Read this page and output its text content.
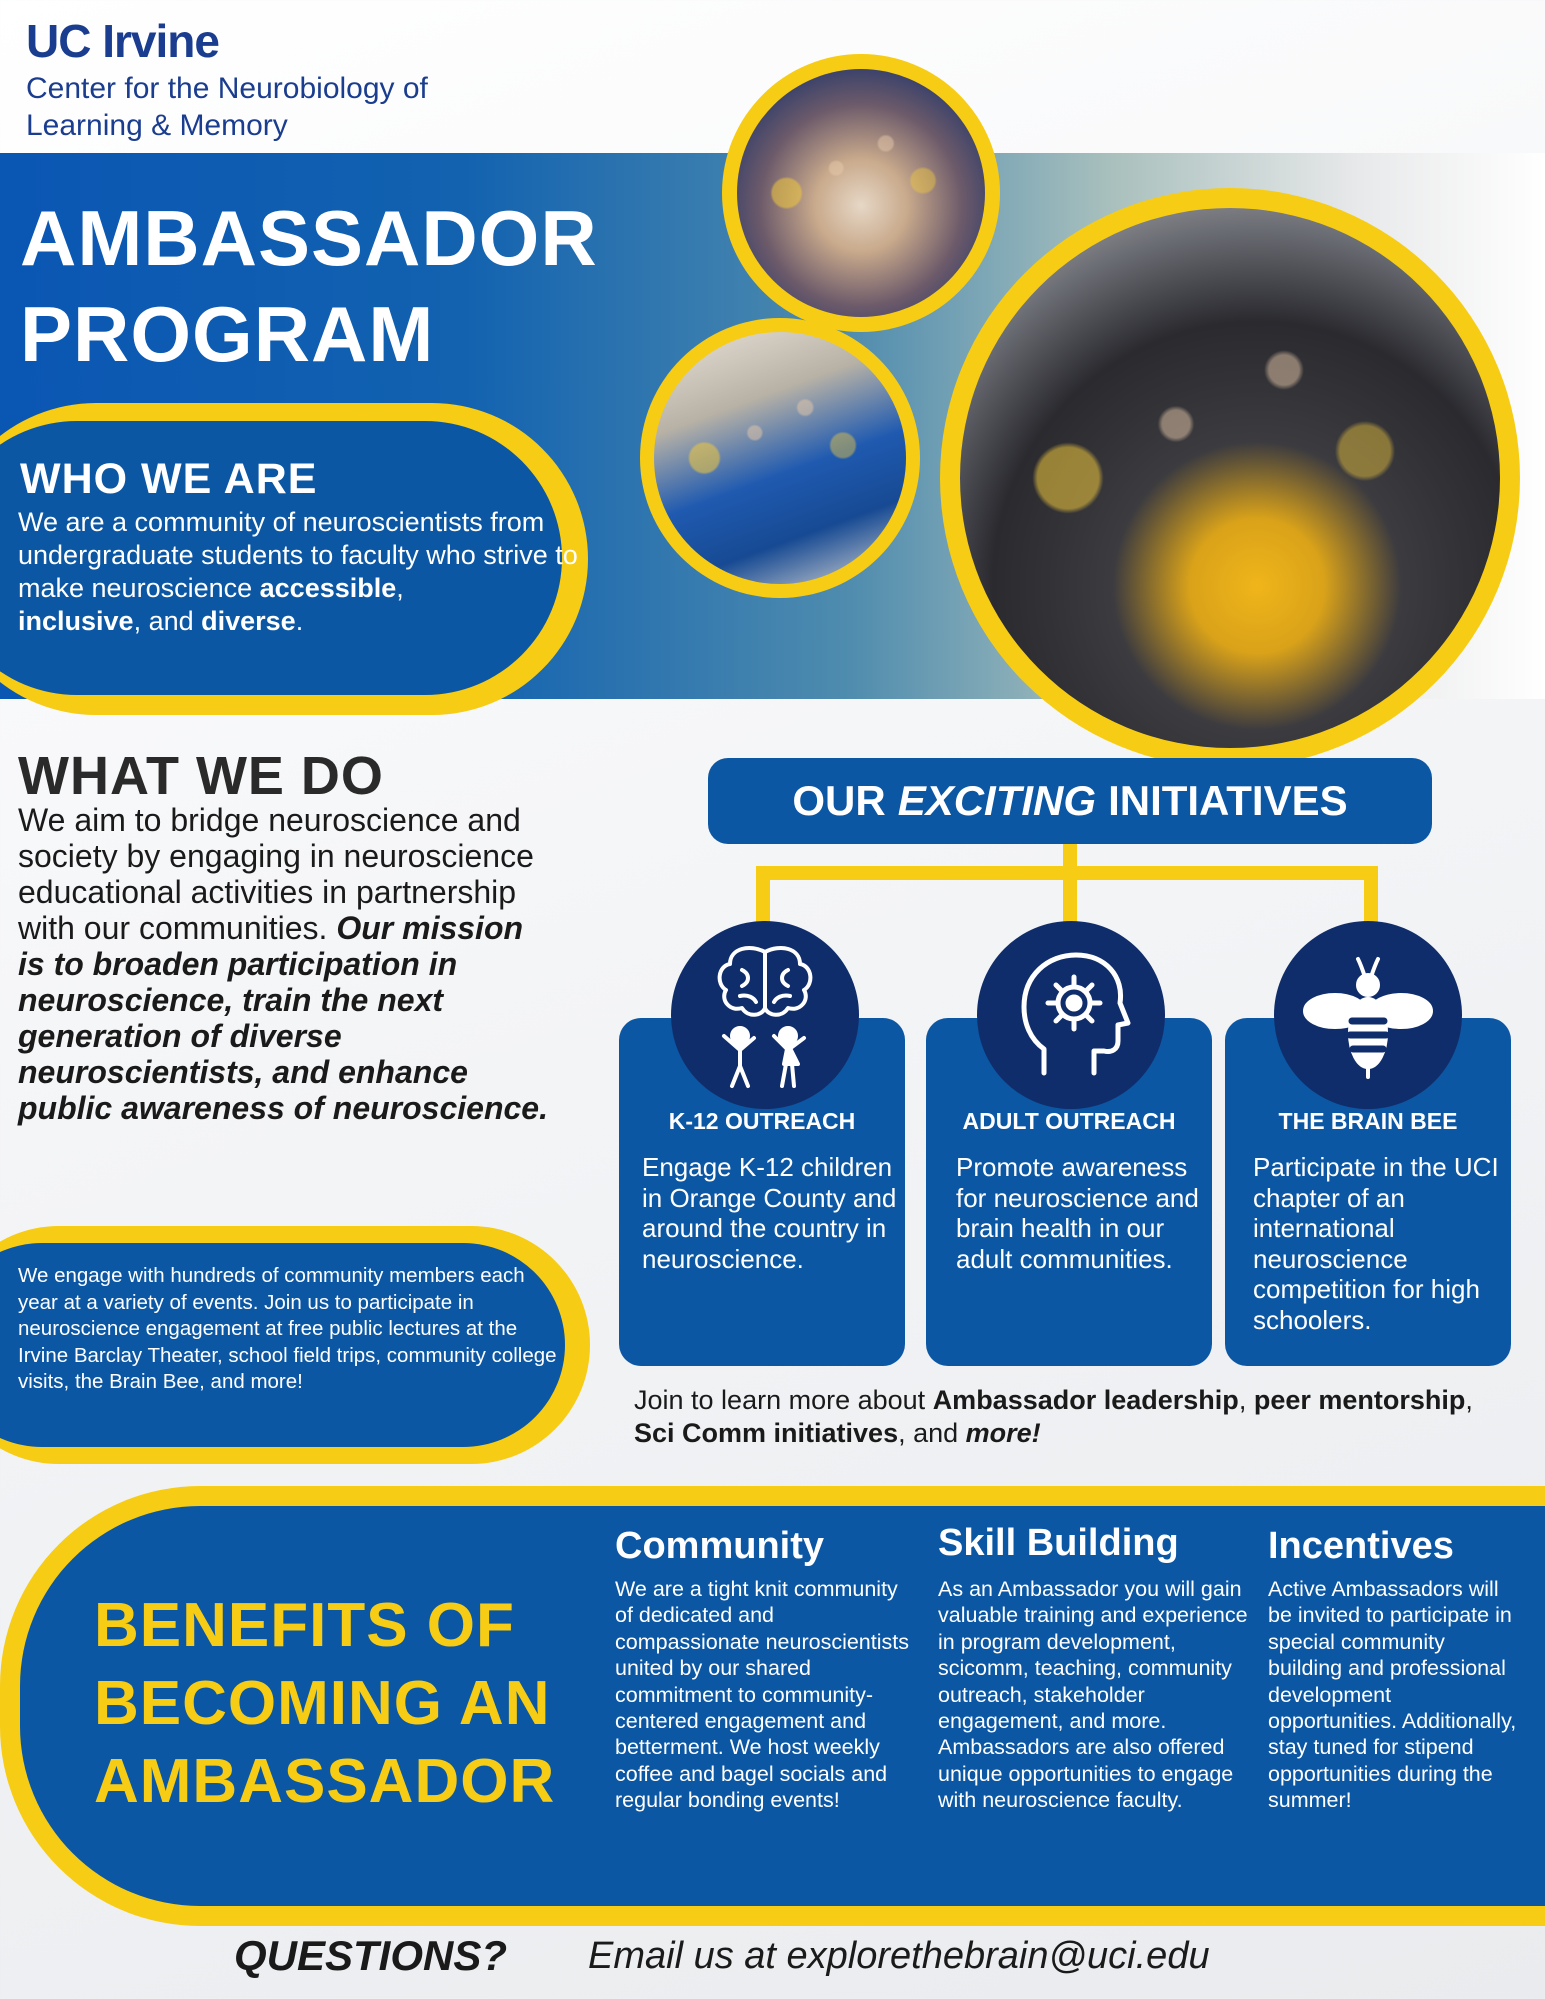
UC Irvine
Center for the Neurobiology of Learning & Memory
AMBASSADOR
PROGRAM
WHO WE ARE
We are a community of neuroscientists from undergraduate students to faculty who strive to make neuroscience accessible,
inclusive, and diverse.
WHAT WE DO
We aim to bridge neuroscience and society by engaging in neuroscience educational activities in partnership with our communities. Our mission is to broaden participation in neuroscience, train the next generation of diverse neuroscientists, and enhance public awareness of neuroscience.
We engage with hundreds of community members each year at a variety of events. Join us to participate in neuroscience engagement at free public lectures at the Irvine Barclay Theater, school field trips, community college visits, the Brain Bee, and more!
OUR EXCITING INITIATIVES
K-12 OUTREACH
Engage K-12 children in Orange County and around the country in neuroscience.
ADULT OUTREACH
Promote awareness for neuroscience and brain health in our adult communities.
THE BRAIN BEE
Participate in the UCI chapter of an international neuroscience competition for high schoolers.
Join to learn more about Ambassador leadership, peer mentorship, Sci Comm initiatives, and more!
BENEFITS OF
BECOMING AN
AMBASSADOR
Community
We are a tight knit community of dedicated and compassionate neuroscientists united by our shared commitment to community-centered engagement and betterment. We host weekly coffee and bagel socials and regular bonding events!
Skill Building
As an Ambassador you will gain valuable training and experience in program development, scicomm, teaching, community outreach, stakeholder engagement, and more. Ambassadors are also offered unique opportunities to engage with neuroscience faculty.
Incentives
Active Ambassadors will be invited to participate in special community building and professional development opportunities. Additionally, stay tuned for stipend opportunities during the summer!
QUESTIONS? Email us at explorethebrain@uci.edu
